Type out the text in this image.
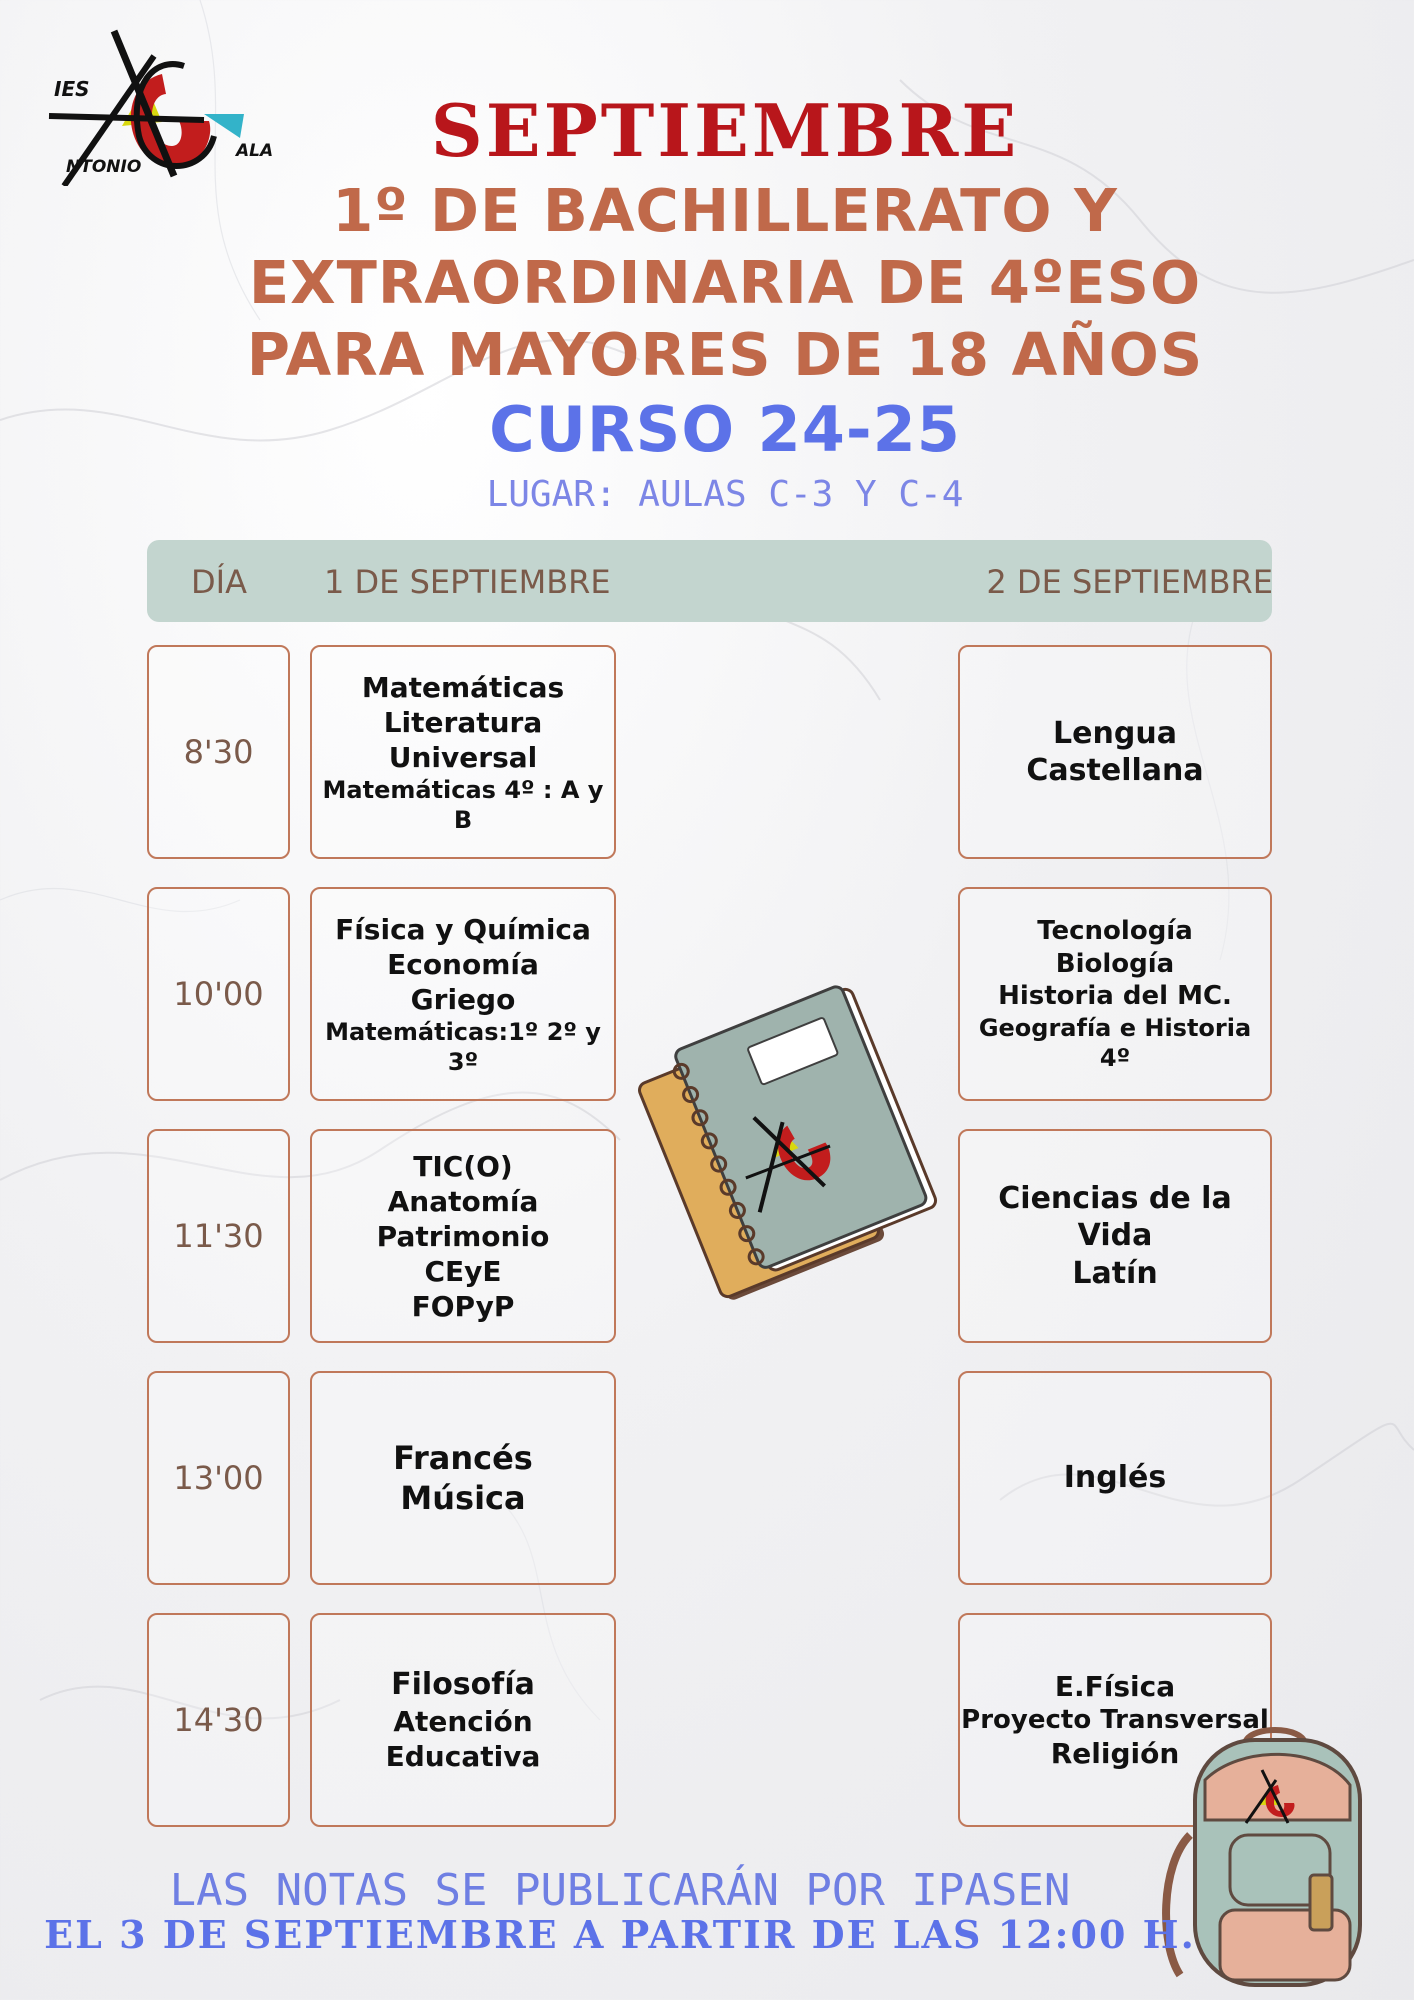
IES
NTONIO
ALA	SEPTIEMBRE
1º DE BACHILLERATO Y
EXTRAORDINARIA DE 4ºESO
PARA MAYORES DE 18 AÑOS
CURSO 24-25
LUGAR: AULAS C-3 Y C-4
DÍA 1 DE SEPTIEMBRE	2 DE SEPTIEMBRE
8'30
Matemáticas
Literatura Universal
Matemáticas 4º : A y B
Lengua Castellana
10'00
Física y Química
Economía
Griego
Matemáticas:1º 2º y 3º
Tecnología
Biología
Historia del MC.
Geografía e Historia 4º
11'30
TIC(O)
Anatomía
Patrimonio
CEyE
FOPyP
Ciencias de la Vida
Latín
13'00
Francés
Música
Inglés
14'30
Filosofía
Atención Educativa
E.Física
Proyecto Transversal
Religión
LAS NOTAS SE PUBLICARÁN POR IPASEN
EL 3 DE SEPTIEMBRE A PARTIR DE LAS 12:00 H.
